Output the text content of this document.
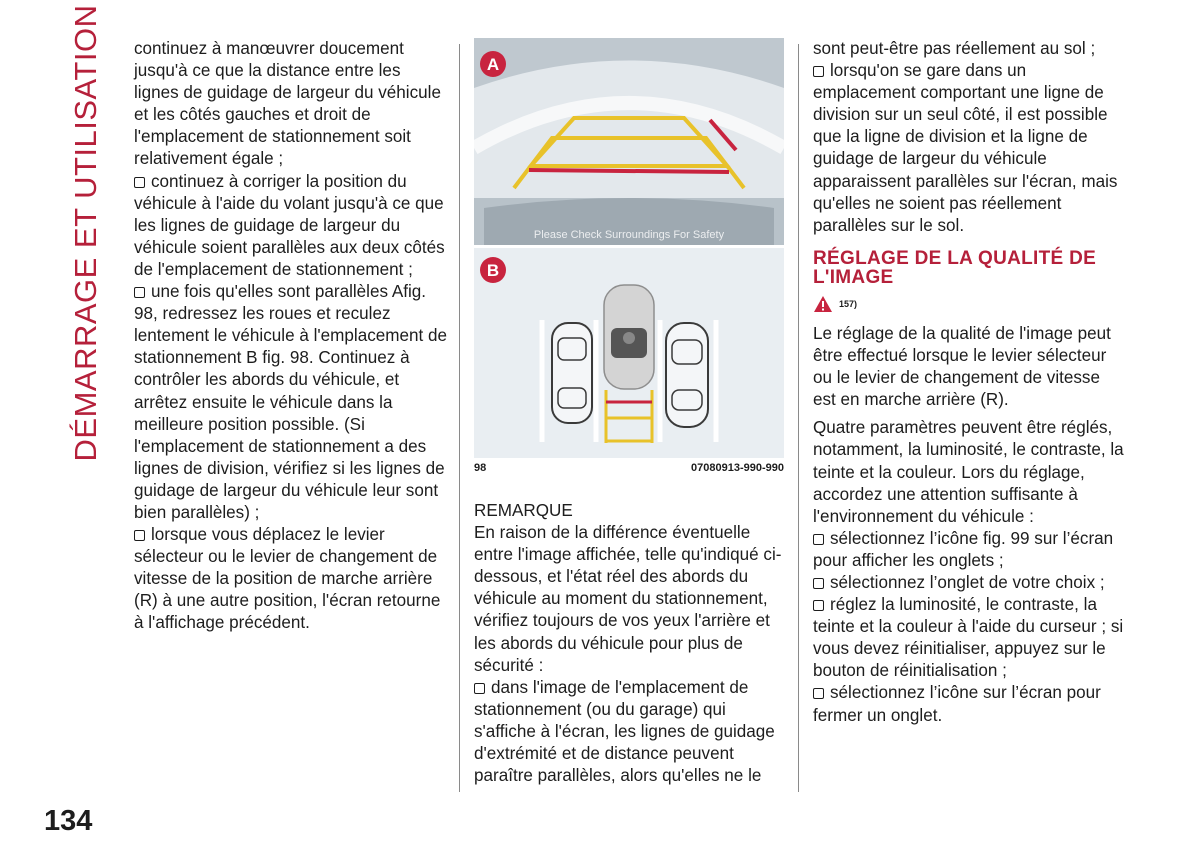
DÉMARRAGE ET UTILISATION continuez à manœuvrer doucement jusqu'à ce que la distance entre les lignes de guidage de largeur du véhicule et les côtés gauches et droit de l'emplacement de stationnement soit relativement égale ;

continuez à corriger la position du véhicule à l'aide du volant jusqu'à ce que les lignes de guidage de largeur du véhicule soient parallèles aux deux côtés de l'emplacement de stationnement ;

une fois qu'elles sont parallèles Afig. 98, redressez les roues et reculez lentement le véhicule à l'emplacement de stationnement B fig. 98. Continuez à contrôler les abords du véhicule, et arrêtez ensuite le véhicule dans la meilleure position possible. (Si l'emplacement de stationnement a des lignes de division, vérifiez si les lignes de guidage de largeur du véhicule leur sont bien parallèles) ;

lorsque vous déplacez le levier sélecteur ou le levier de changement de vitesse de la position de marche arrière (R) à une autre position, l'écran retourne à l'affichage précédent.

Please Check Surroundings For Safety
A
B
98	07080913-990-990

REMARQUE

En raison de la différence éventuelle entre l'image affichée, telle qu'indiqué ci-dessous, et l'état réel des abords du véhicule au moment du stationnement, vérifiez toujours de vos yeux l'arrière et les abords du véhicule pour plus de sécurité :

dans l'image de l'emplacement de stationnement (ou du garage) qui s'affiche à l'écran, les lignes de guidage d'extrémité et de distance peuvent paraître parallèles, alors qu'elles ne le

sont peut-être pas réellement au sol ;

lorsqu'on se gare dans un emplacement comportant une ligne de division sur un seul côté, il est possible que la ligne de division et la ligne de guidage de largeur du véhicule apparaissent parallèles sur l'écran, mais qu'elles ne soient pas réellement parallèles sur le sol.

RÉGLAGE DE LA QUALITÉ DE L'IMAGE
157)

Le réglage de la qualité de l'image peut être effectué lorsque le levier sélecteur ou le levier de changement de vitesse est en marche arrière (R).

Quatre paramètres peuvent être réglés, notamment, la luminosité, le contraste, la teinte et la couleur. Lors du réglage, accordez une attention suffisante à l'environnement du véhicule :

sélectionnez l’icône fig. 99 sur l’écran pour afficher les onglets ;

sélectionnez l’onglet de votre choix ;

réglez la luminosité, le contraste, la teinte et la couleur à l'aide du curseur ; si vous devez réinitialiser, appuyez sur le bouton de réinitialisation ;

sélectionnez l’icône sur l’écran pour fermer un onglet.

134
